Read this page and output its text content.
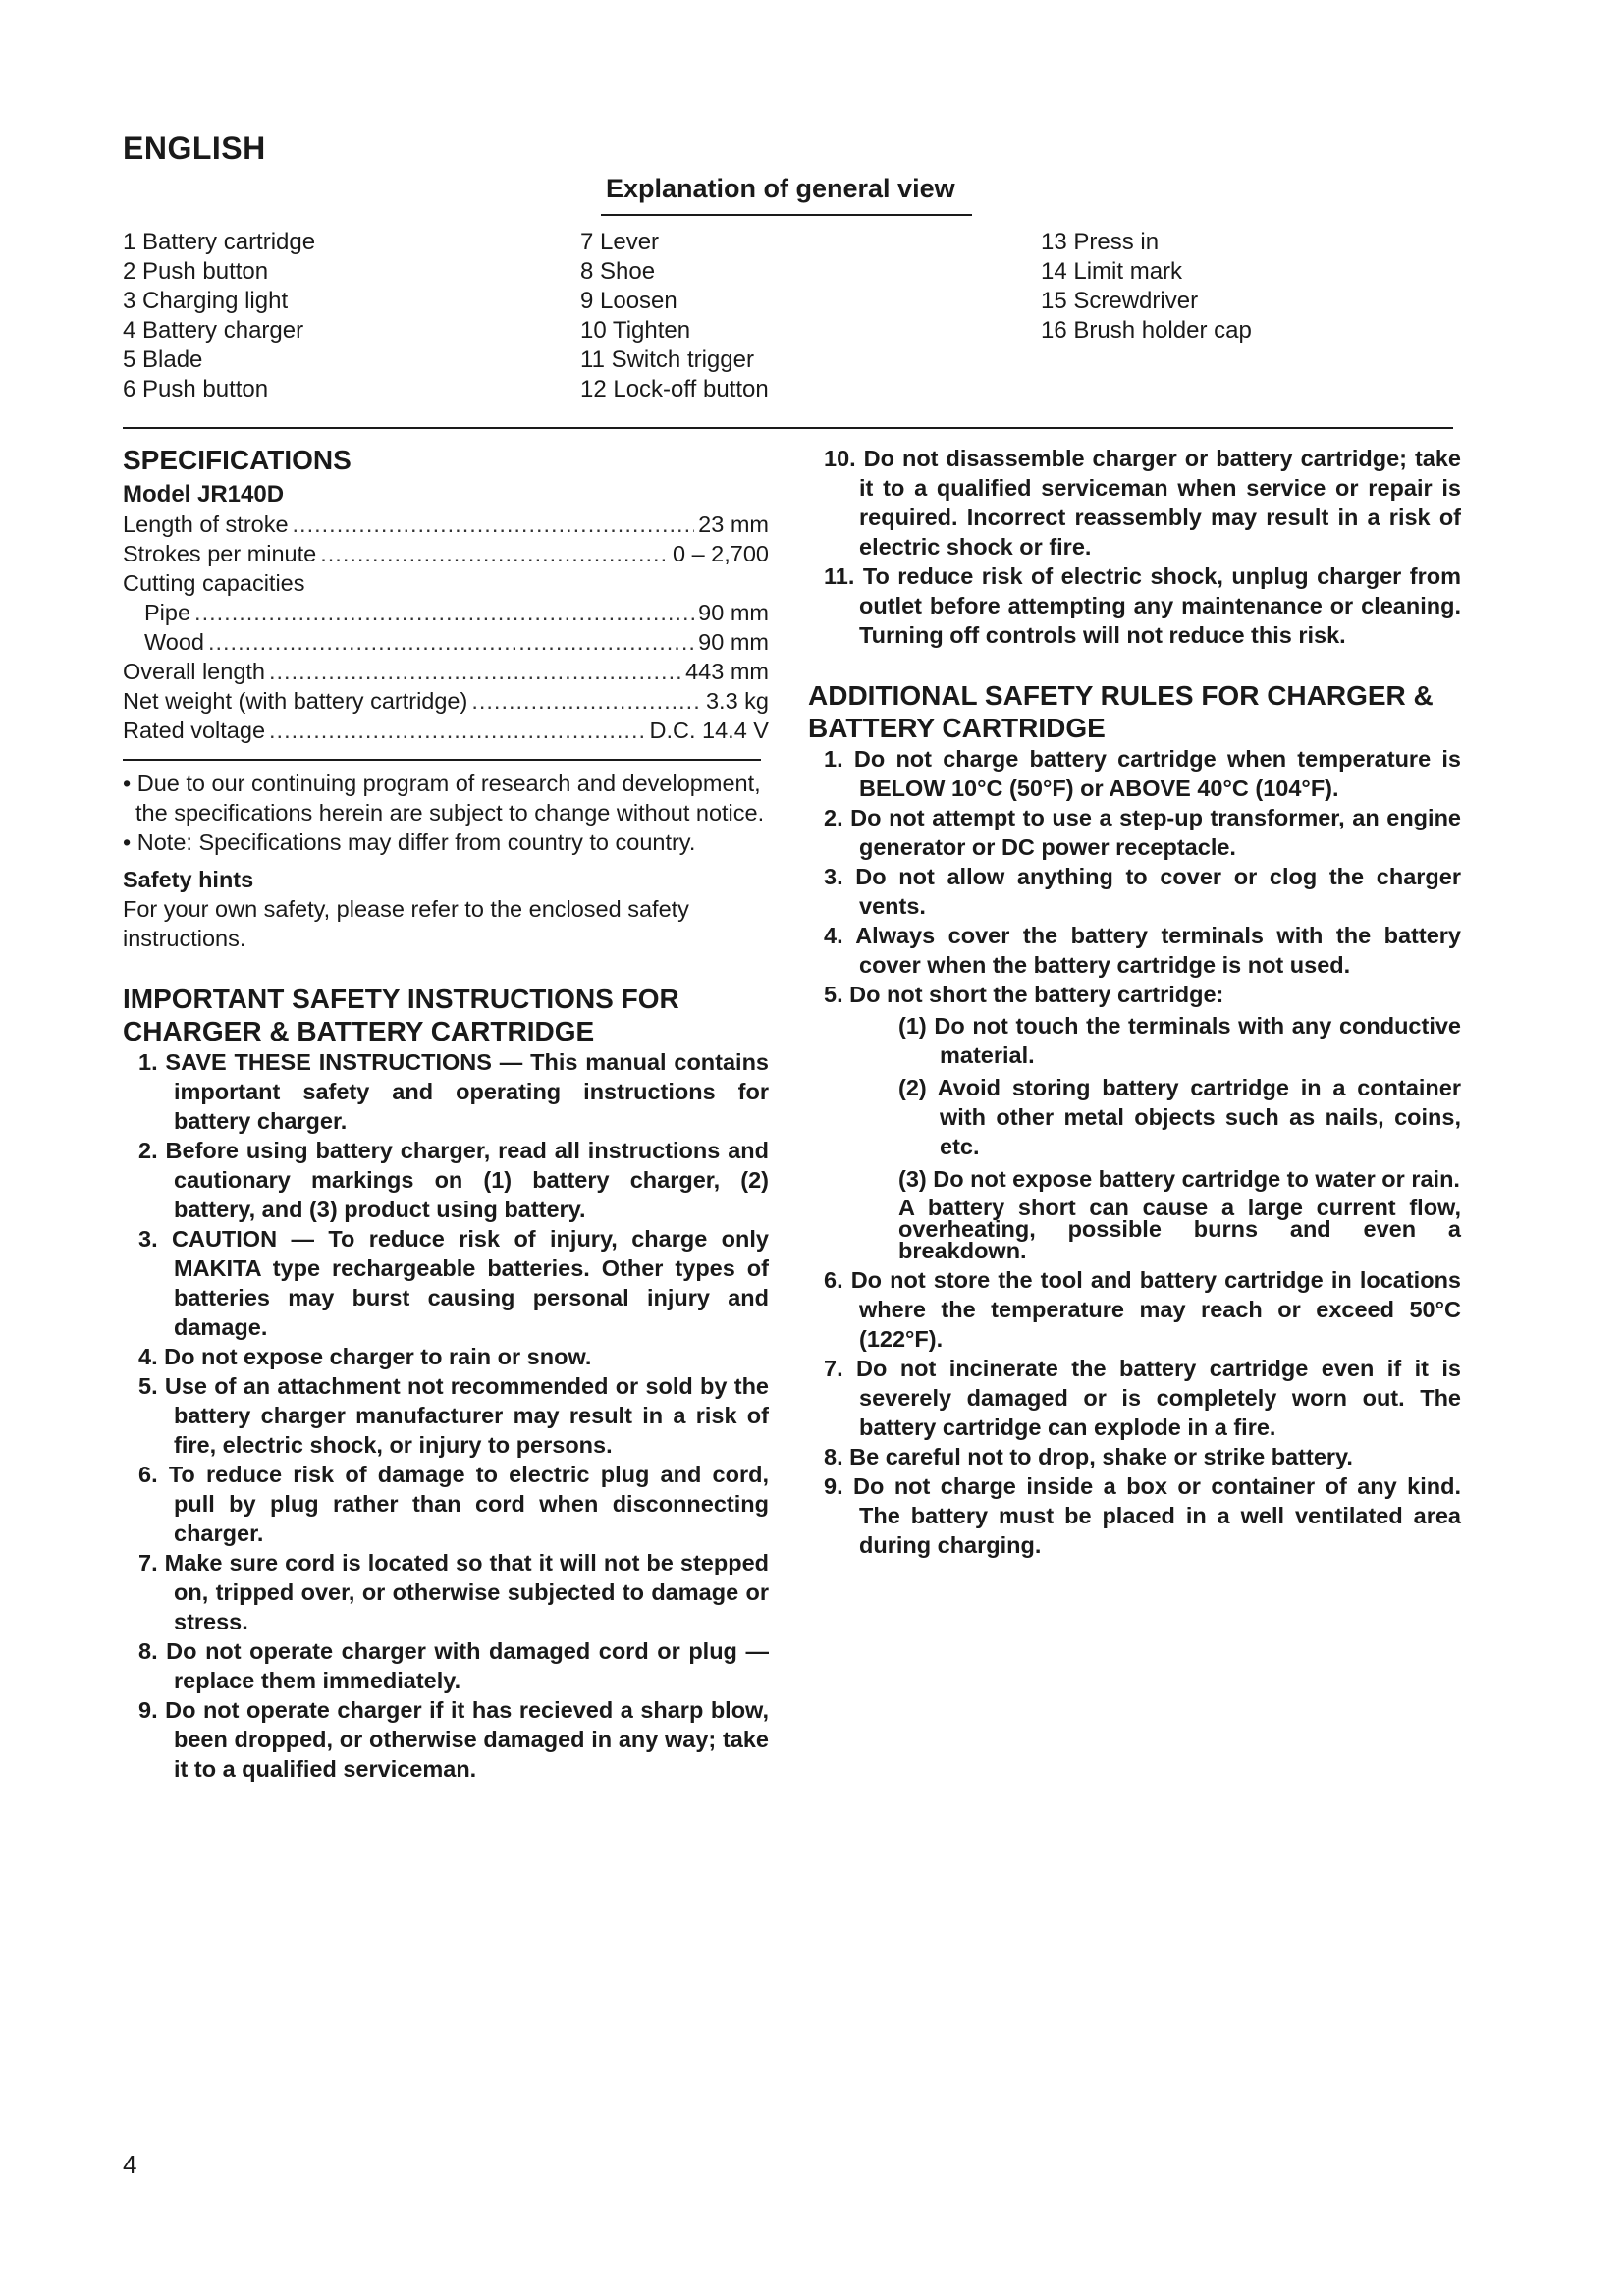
ENGLISH
Explanation of general view
1 Battery cartridge
2 Push button
3 Charging light
4 Battery charger
5 Blade
6 Push button
7 Lever
8 Shoe
9 Loosen
10 Tighten
11 Switch trigger
12 Lock-off button
13 Press in
14 Limit mark
15 Screwdriver
16 Brush holder cap
SPECIFICATIONS
Model JR140D
Length of stroke .....	23 mm
Strokes per minute .....	0 – 2,700
Cutting capacities
Pipe .....	90 mm
Wood .....	90 mm
Overall length .....	443 mm
Net weight (with battery cartridge) .....	3.3 kg
Rated voltage .....	D.C. 14.4 V
• Due to our continuing program of research and development, the specifications herein are subject to change without notice.
• Note: Specifications may differ from country to country.
Safety hints
For your own safety, please refer to the enclosed safety instructions.
IMPORTANT SAFETY INSTRUCTIONS FOR CHARGER & BATTERY CARTRIDGE
1. SAVE THESE INSTRUCTIONS — This manual contains important safety and operating instructions for battery charger.
2. Before using battery charger, read all instructions and cautionary markings on (1) battery charger, (2) battery, and (3) product using battery.
3. CAUTION — To reduce risk of injury, charge only MAKITA type rechargeable batteries. Other types of batteries may burst causing personal injury and damage.
4. Do not expose charger to rain or snow.
5. Use of an attachment not recommended or sold by the battery charger manufacturer may result in a risk of fire, electric shock, or injury to persons.
6. To reduce risk of damage to electric plug and cord, pull by plug rather than cord when disconnecting charger.
7. Make sure cord is located so that it will not be stepped on, tripped over, or otherwise subjected to damage or stress.
8. Do not operate charger with damaged cord or plug — replace them immediately.
9. Do not operate charger if it has recieved a sharp blow, been dropped, or otherwise damaged in any way; take it to a qualified serviceman.
10. Do not disassemble charger or battery cartridge; take it to a qualified serviceman when service or repair is required. Incorrect reassembly may result in a risk of electric shock or fire.
11. To reduce risk of electric shock, unplug charger from outlet before attempting any maintenance or cleaning. Turning off controls will not reduce this risk.
ADDITIONAL SAFETY RULES FOR CHARGER & BATTERY CARTRIDGE
1. Do not charge battery cartridge when temperature is BELOW 10°C (50°F) or ABOVE 40°C (104°F).
2. Do not attempt to use a step-up transformer, an engine generator or DC power receptacle.
3. Do not allow anything to cover or clog the charger vents.
4. Always cover the battery terminals with the battery cover when the battery cartridge is not used.
5. Do not short the battery cartridge:
(1) Do not touch the terminals with any conductive material.
(2) Avoid storing battery cartridge in a container with other metal objects such as nails, coins, etc.
(3) Do not expose battery cartridge to water or rain.
A battery short can cause a large current flow, overheating, possible burns and even a breakdown.
6. Do not store the tool and battery cartridge in locations where the temperature may reach or exceed 50°C (122°F).
7. Do not incinerate the battery cartridge even if it is severely damaged or is completely worn out. The battery cartridge can explode in a fire.
8. Be careful not to drop, shake or strike battery.
9. Do not charge inside a box or container of any kind. The battery must be placed in a well ventilated area during charging.
4
